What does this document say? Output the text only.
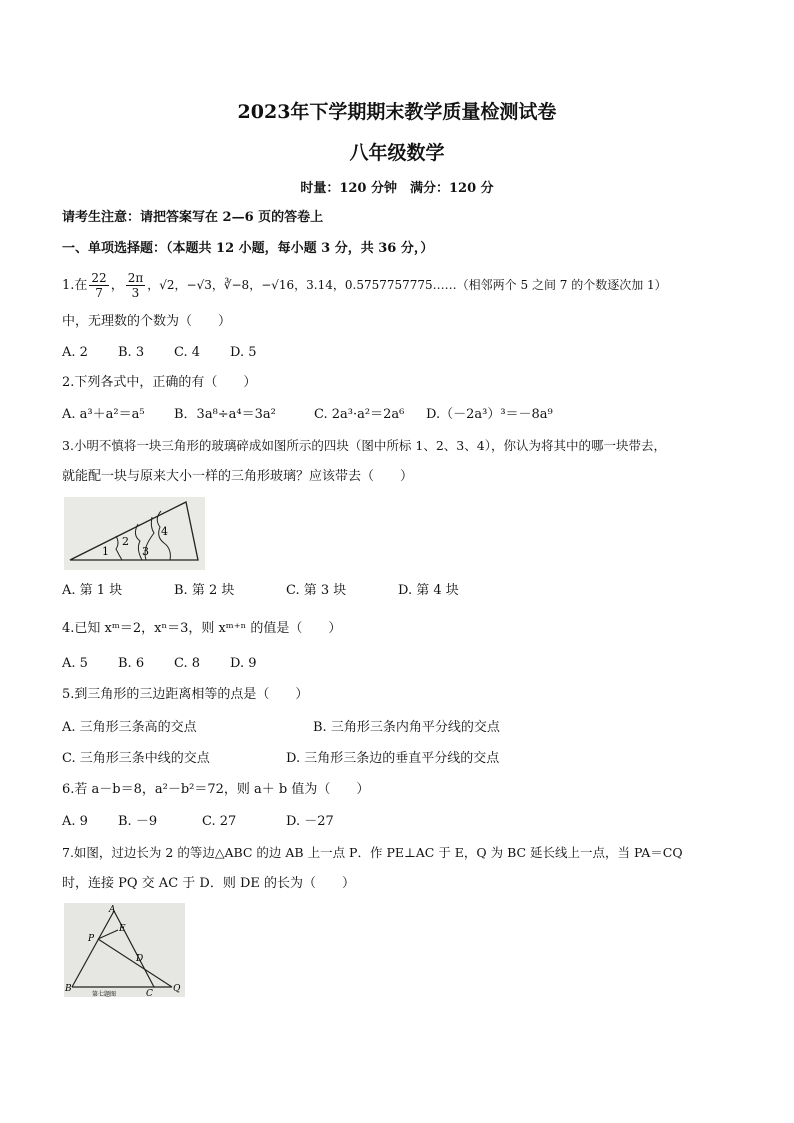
2023年下学期期末教学质量检测试卷
八年级数学
时量：120 分钟　满分：120 分
请考生注意：请把答案写在 2—6 页的答卷上
一、单项选择题：（本题共 12 小题，每小题 3 分，共 36 分，）
1.在 $\frac{22}{7}$ ， $\frac{2\pi}{3}$ ，√2，−√3，∛−8，−√16，3.14，0.5757757775……（相邻两个 5 之间 7 的个数逐次加 1）
中，无理数的个数为（　　）
A. 2 B. 3 C. 4 D. 5
2.下列各式中，正确的有（　　）
A. a³＋a²＝a⁵ B．3a⁸÷a⁴＝3a²	C. 2a³·a²＝2a⁶ D.（－2a³）³＝－8a⁹
3.小明不慎将一块三角形的玻璃碎成如图所示的四块（图中所标 1、2、3、4），你认为将其中的哪一块带去，
就能配一块与原来大小一样的三角形玻璃？应该带去（　　）
1
2
3
4
A. 第 1 块	B. 第 2 块	C. 第 3 块	D. 第 4 块
4.已知 xᵐ＝2，xⁿ＝3，则 xᵐ⁺ⁿ 的值是（　　）
A. 5 B. 6 C. 8 D. 9
5.到三角形的三边距离相等的点是（　　）
A. 三角形三条高的交点	B. 三角形三条内角平分线的交点
C. 三角形三条中线的交点	D. 三角形三条边的垂直平分线的交点
6.若 a－b＝8，a²－b²＝72，则 a＋ b 值为（　　）
A. 9 B. －9	C. 27	D. －27
7.如图，过边长为 2 的等边△ABC 的边 AB 上一点 P．作 PE⊥AC 于 E，Q 为 BC 延长线上一点，当 PA＝CQ
时，连接 PQ 交 AC 于 D．则 DE 的长为（　　）
A
E
P
D
B	C Q
第七题图
